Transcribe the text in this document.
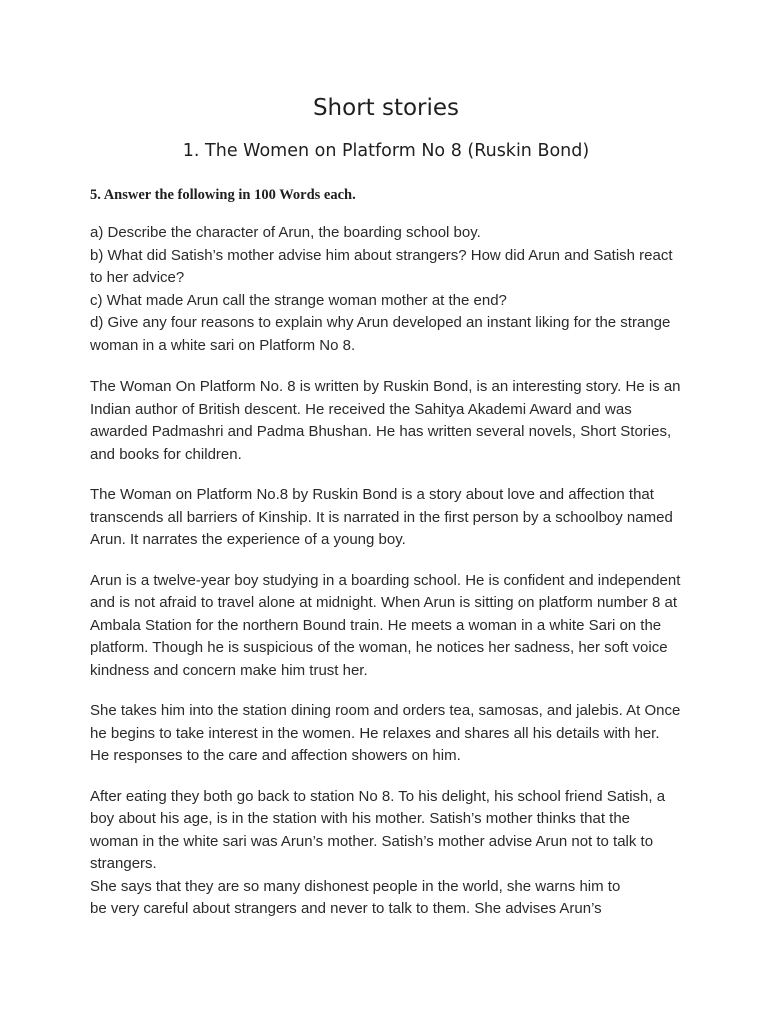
Short stories
1. The Women on Platform No 8 (Ruskin Bond)
5. Answer the following in 100 Words each.

a) Describe the character of Arun, the boarding school boy.

b) What did Satish’s mother advise him about strangers? How did Arun and Satish react to her advice?

c) What made Arun call the strange woman mother at the end?

d) Give any four reasons to explain why Arun developed an instant liking for the strange woman in a white sari on Platform No 8.

The Woman On Platform No. 8 is written by Ruskin Bond, is an interesting story. He is an Indian author of British descent. He received the Sahitya Akademi Award and was awarded Padmashri and Padma Bhushan. He has written several novels, Short Stories, and books for children.

The Woman on Platform No.8 by Ruskin Bond is a story about love and affection that transcends all barriers of Kinship. It is narrated in the first person by a schoolboy named Arun. It narrates the experience of a young boy.

Arun is a twelve-year boy studying in a boarding school. He is confident and independent and is not afraid to travel alone at midnight. When Arun is sitting on platform number 8 at Ambala Station for the northern Bound train. He meets a woman in a white Sari on the platform. Though he is suspicious of the woman, he notices her sadness, her soft voice kindness and concern make him trust her.

She takes him into the station dining room and orders tea, samosas, and jalebis. At Once he begins to take interest in the women. He relaxes and shares all his details with her. He responses to the care and affection showers on him.

After eating they both go back to station No 8. To his delight, his school friend Satish, a boy about his age, is in the station with his mother. Satish’s mother thinks that the woman in the white sari was Arun’s mother. Satish’s mother advise Arun not to talk to strangers.

She says that they are so many dishonest people in the world, she warns him to

be very careful about strangers and never to talk to them. She advises Arun’s
